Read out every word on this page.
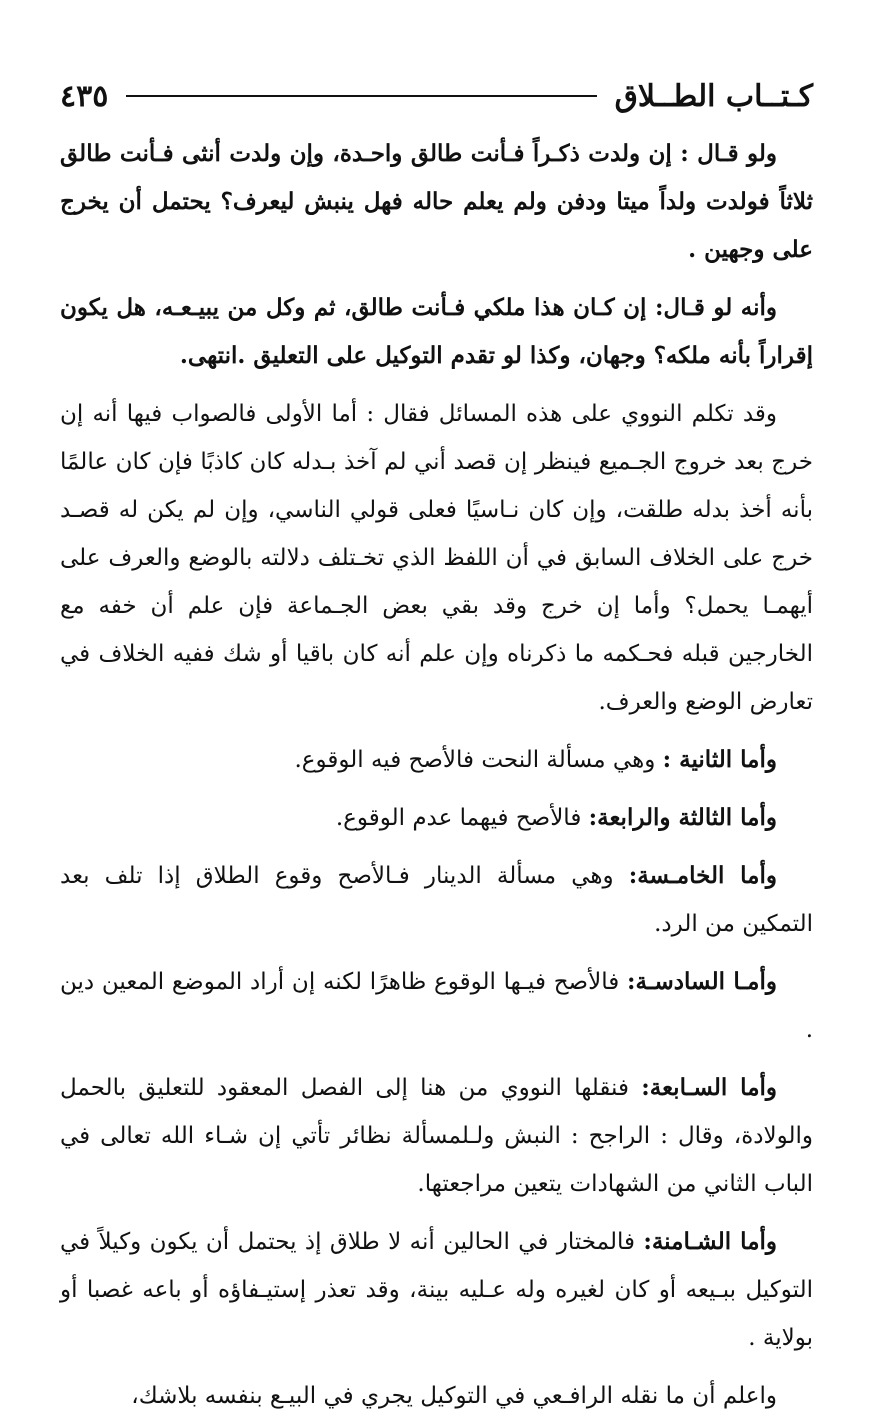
كـتــاب الطــلاق
٤٣٥

ولو قـال : إن ولدت ذكـراً فـأنت طالق واحـدة، وإن ولدت أنثى فـأنت طالق ثلاثاً فولدت ولداً ميتا ودفن ولم يعلم حاله فهل ينبش ليعرف؟ يحتمل أن يخرج على وجهين .

وأنه لو قـال: إن كـان هذا ملكي فـأنت طالق، ثم وكل من يبيـعـه، هل يكون إقراراً بأنه ملكه؟ وجهان، وكذا لو تقدم التوكيل على التعليق .انتهى.

وقد تكلم النووي على هذه المسائل فقال : أما الأولى فالصواب فيها أنه إن خرج بعد خروج الجـميع فينظر إن قصد أني لم آخذ بـدله كان كاذبًا فإن كان عالمًا بأنه أخذ بدله طلقت، وإن كان نـاسيًا فعلى قولي الناسي، وإن لم يكن له قصـد خرج على الخلاف السابق في أن اللفظ الذي تخـتلف دلالته بالوضع والعرف على أيهمـا يحمل؟ وأما إن خرج وقد بقي بعض الجـماعة فإن علم أن خفه مع الخارجين قبله فحـكمه ما ذكرناه وإن علم أنه كان باقيا أو شك ففيه الخلاف في تعارض الوضع والعرف.

وأما الثانية : وهي مسألة النحت فالأصح فيه الوقوع.

وأما الثالثة والرابعة: فالأصح فيهما عدم الوقوع.

وأما الخامـسة: وهي مسألة الدينار فـالأصح وقوع الطلاق إذا تلف بعد التمكين من الرد.

وأمـا السادسـة: فالأصح فيـها الوقوع ظاهرًا لكنه إن أراد الموضع المعين دين .

وأما السـابعة: فنقلها النووي من هنا إلى الفصل المعقود للتعليق بالحمل والولادة، وقال : الراجح : النبش ولـلمسألة نظائر تأتي إن شـاء الله تعالى في الباب الثاني من الشهادات يتعين مراجعتها.

وأما الشـامنة: فالمختار في الحالين أنه لا طلاق إذ يحتمل أن يكون وكيلاً في التوكيل ببـيعه أو كان لغيره وله عـليه بينة، وقد تعذر إستيـفاؤه أو باعه غصبا أو بولاية .

واعلم أن ما نقله الرافـعي في التوكيل يجري في البيـع بنفسه بلاشك،
